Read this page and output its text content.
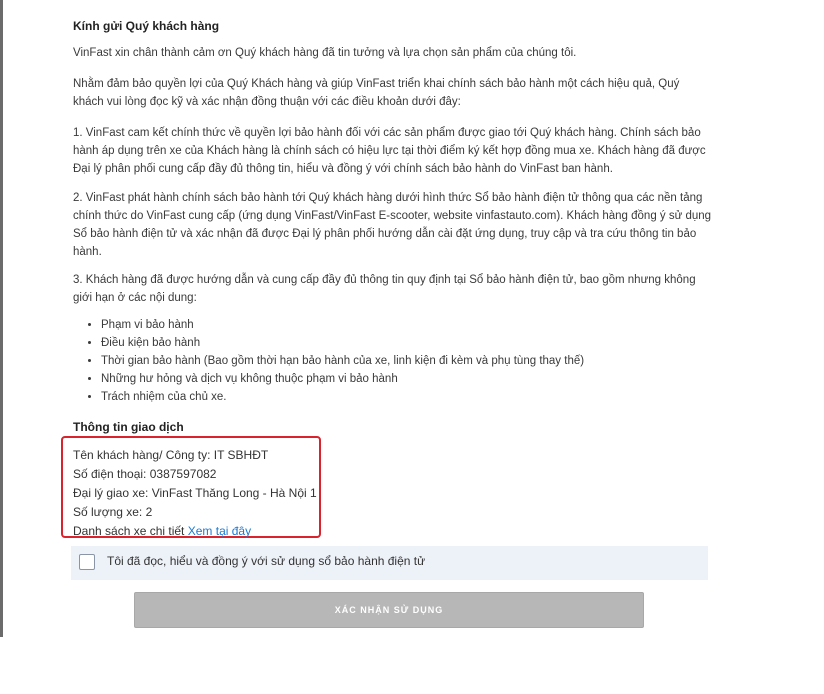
Kính gửi Quý khách hàng
VinFast xin chân thành cảm ơn Quý khách hàng đã tin tưởng và lựa chọn sản phẩm của chúng tôi.
Nhằm đảm bảo quyền lợi của Quý Khách hàng và giúp VinFast triển khai chính sách bảo hành một cách hiệu quả, Quý khách vui lòng đọc kỹ và xác nhận đồng thuận với các điều khoản dưới đây:
1. VinFast cam kết chính thức về quyền lợi bảo hành đối với các sản phẩm được giao tới Quý khách hàng. Chính sách bảo hành áp dụng trên xe của Khách hàng là chính sách có hiệu lực tại thời điểm ký kết hợp đồng mua xe. Khách hàng đã được Đại lý phân phối cung cấp đầy đủ thông tin, hiểu và đồng ý với chính sách bảo hành do VinFast ban hành.
2. VinFast phát hành chính sách bảo hành tới Quý khách hàng dưới hình thức Sổ bảo hành điện tử thông qua các nền tảng chính thức do VinFast cung cấp (ứng dụng VinFast/VinFast E-scooter, website vinfastauto.com). Khách hàng đồng ý sử dụng Sổ bảo hành điện tử và xác nhận đã được Đại lý phân phối hướng dẫn cài đặt ứng dụng, truy cập và tra cứu thông tin bảo hành.
3. Khách hàng đã được hướng dẫn và cung cấp đầy đủ thông tin quy định tại Sổ bảo hành điện tử, bao gồm nhưng không giới hạn ở các nội dung:
• Phạm vi bảo hành
• Điều kiện bảo hành
• Thời gian bảo hành (Bao gồm thời hạn bảo hành của xe, linh kiện đi kèm và phụ tùng thay thế)
• Những hư hỏng và dịch vụ không thuộc phạm vi bảo hành
• Trách nhiệm của chủ xe.
Thông tin giao dịch
Tên khách hàng/ Công ty: IT SBHĐT
Số điện thoại: 0387597082
Đại lý giao xe: VinFast Thăng Long - Hà Nội 1
Số lượng xe: 2
Danh sách xe chi tiết Xem tại đây
Tôi đã đọc, hiểu và đồng ý với sử dụng sổ bảo hành điện tử
XÁC NHẬN SỬ DỤNG
